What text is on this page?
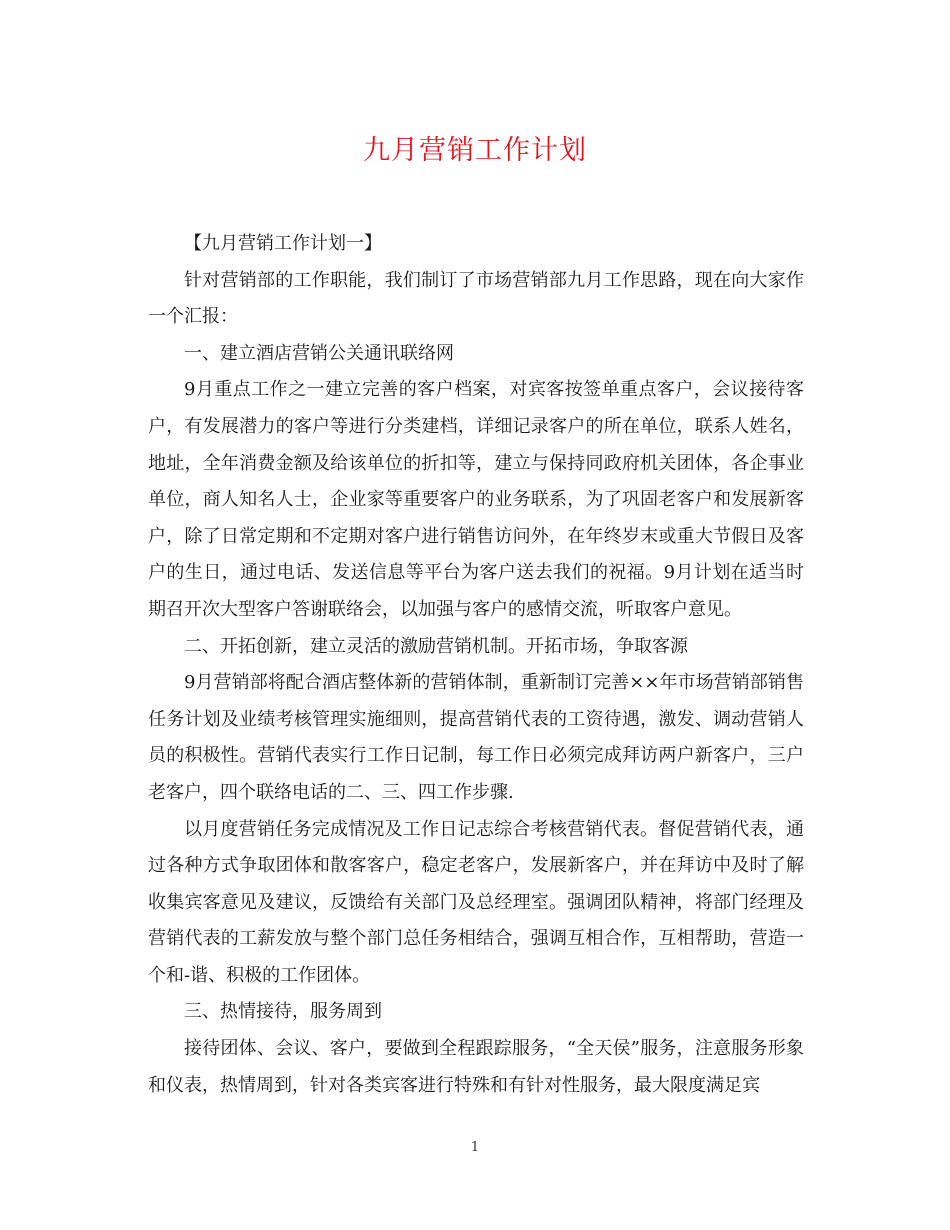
九月营销工作计划

【九月营销工作计划一】

针对营销部的工作职能，我们制订了市场营销部九月工作思路，现在向大家作一个汇报：

一、建立酒店营销公关通讯联络网

9月重点工作之一建立完善的客户档案，对宾客按签单重点客户，会议接待客户，有发展潜力的客户等进行分类建档，详细记录客户的所在单位，联系人姓名，地址，全年消费金额及给该单位的折扣等，建立与保持同政府机关团体，各企事业单位，商人知名人士，企业家等重要客户的业务联系，为了巩固老客户和发展新客户，除了日常定期和不定期对客户进行销售访问外，在年终岁末或重大节假日及客户的生日，通过电话、发送信息等平台为客户送去我们的祝福。9月计划在适当时期召开次大型客户答谢联络会，以加强与客户的感情交流，听取客户意见。

二、开拓创新，建立灵活的激励营销机制。开拓市场，争取客源

9月营销部将配合酒店整体新的营销体制，重新制订完善××年市场营销部销售任务计划及业绩考核管理实施细则，提高营销代表的工资待遇，激发、调动营销人员的积极性。营销代表实行工作日记制，每工作日必须完成拜访两户新客户，三户老客户，四个联络电话的二、三、四工作步骤.

以月度营销任务完成情况及工作日记志综合考核营销代表。督促营销代表，通过各种方式争取团体和散客客户，稳定老客户，发展新客户，并在拜访中及时了解收集宾客意见及建议，反馈给有关部门及总经理室。强调团队精神，将部门经理及营销代表的工薪发放与整个部门总任务相结合，强调互相合作，互相帮助，营造一个和-谐、积极的工作团体。

三、热情接待，服务周到

接待团体、会议、客户，要做到全程跟踪服务，“全天侯”服务，注意服务形象和仪表，热情周到，针对各类宾客进行特殊和有针对性服务，最大限度满足宾

1
